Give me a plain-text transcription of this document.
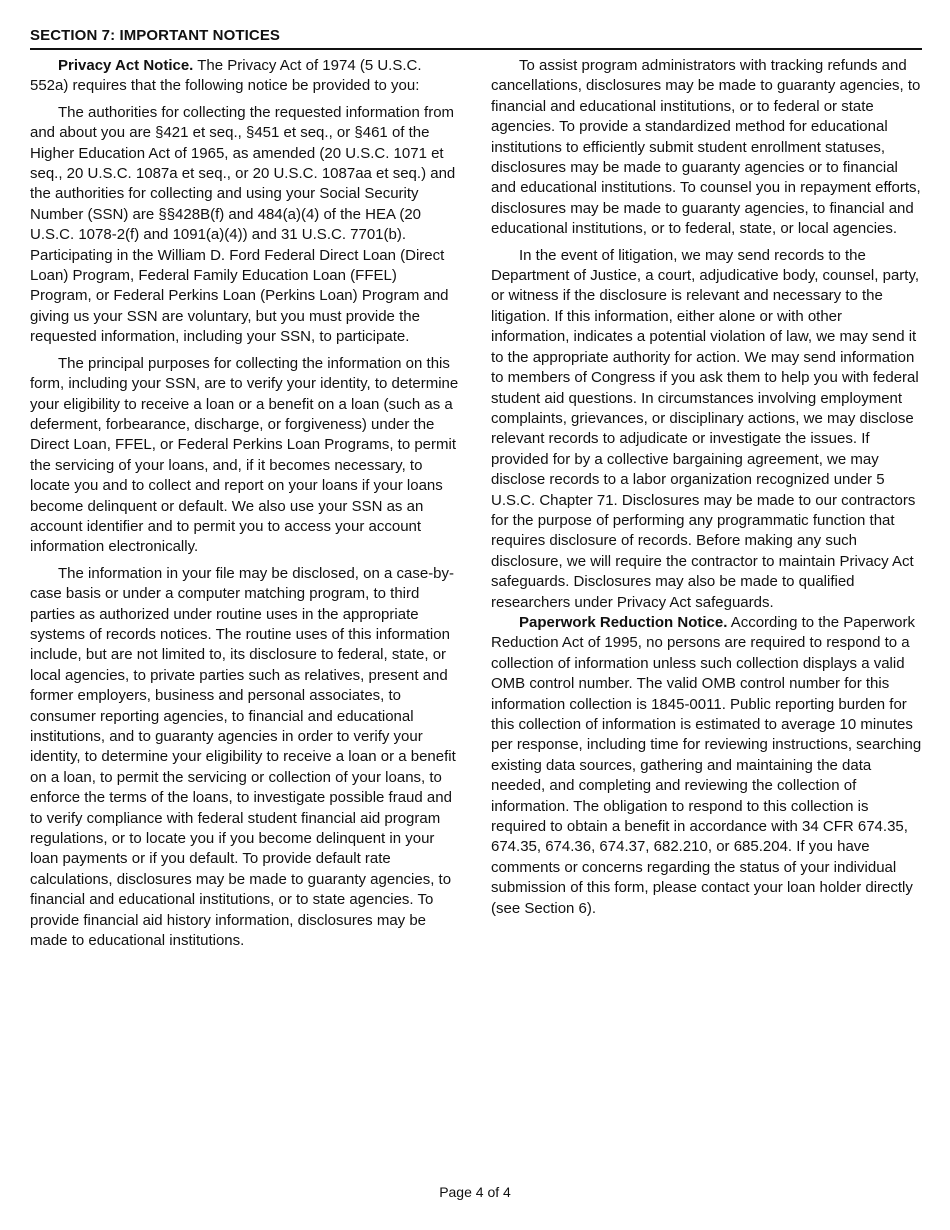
SECTION 7: IMPORTANT NOTICES

Privacy Act Notice. The Privacy Act of 1974 (5 U.S.C. 552a) requires that the following notice be provided to you:

The authorities for collecting the requested information from and about you are §421 et seq., §451 et seq., or §461 of the Higher Education Act of 1965, as amended (20 U.S.C. 1071 et seq., 20 U.S.C. 1087a et seq., or 20 U.S.C. 1087aa et seq.) and the authorities for collecting and using your Social Security Number (SSN) are §§428B(f) and 484(a)(4) of the HEA (20 U.S.C. 1078-2(f) and 1091(a)(4)) and 31 U.S.C. 7701(b). Participating in the William D. Ford Federal Direct Loan (Direct Loan) Program, Federal Family Education Loan (FFEL) Program, or Federal Perkins Loan (Perkins Loan) Program and giving us your SSN are voluntary, but you must provide the requested information, including your SSN, to participate.

The principal purposes for collecting the information on this form, including your SSN, are to verify your identity, to determine your eligibility to receive a loan or a benefit on a loan (such as a deferment, forbearance, discharge, or forgiveness) under the Direct Loan, FFEL, or Federal Perkins Loan Programs, to permit the servicing of your loans, and, if it becomes necessary, to locate you and to collect and report on your loans if your loans become delinquent or default. We also use your SSN as an account identifier and to permit you to access your account information electronically.

The information in your file may be disclosed, on a case-by-case basis or under a computer matching program, to third parties as authorized under routine uses in the appropriate systems of records notices. The routine uses of this information include, but are not limited to, its disclosure to federal, state, or local agencies, to private parties such as relatives, present and former employers, business and personal associates, to consumer reporting agencies, to financial and educational institutions, and to guaranty agencies in order to verify your identity, to determine your eligibility to receive a loan or a benefit on a loan, to permit the servicing or collection of your loans, to enforce the terms of the loans, to investigate possible fraud and to verify compliance with federal student financial aid program regulations, or to locate you if you become delinquent in your loan payments or if you default. To provide default rate calculations, disclosures may be made to guaranty agencies, to financial and educational institutions, or to state agencies. To provide financial aid history information, disclosures may be made to educational institutions.

To assist program administrators with tracking refunds and cancellations, disclosures may be made to guaranty agencies, to financial and educational institutions, or to federal or state agencies. To provide a standardized method for educational institutions to efficiently submit student enrollment statuses, disclosures may be made to guaranty agencies or to financial and educational institutions. To counsel you in repayment efforts, disclosures may be made to guaranty agencies, to financial and educational institutions, or to federal, state, or local agencies.

In the event of litigation, we may send records to the Department of Justice, a court, adjudicative body, counsel, party, or witness if the disclosure is relevant and necessary to the litigation. If this information, either alone or with other information, indicates a potential violation of law, we may send it to the appropriate authority for action. We may send information to members of Congress if you ask them to help you with federal student aid questions. In circumstances involving employment complaints, grievances, or disciplinary actions, we may disclose relevant records to adjudicate or investigate the issues. If provided for by a collective bargaining agreement, we may disclose records to a labor organization recognized under 5 U.S.C. Chapter 71. Disclosures may be made to our contractors for the purpose of performing any programmatic function that requires disclosure of records. Before making any such disclosure, we will require the contractor to maintain Privacy Act safeguards. Disclosures may also be made to qualified researchers under Privacy Act safeguards.

Paperwork Reduction Notice. According to the Paperwork Reduction Act of 1995, no persons are required to respond to a collection of information unless such collection displays a valid OMB control number. The valid OMB control number for this information collection is 1845-0011. Public reporting burden for this collection of information is estimated to average 10 minutes per response, including time for reviewing instructions, searching existing data sources, gathering and maintaining the data needed, and completing and reviewing the collection of information. The obligation to respond to this collection is required to obtain a benefit in accordance with 34 CFR 674.35, 674.35, 674.36, 674.37, 682.210, or 685.204. If you have comments or concerns regarding the status of your individual submission of this form, please contact your loan holder directly (see Section 6).

Page 4 of 4
